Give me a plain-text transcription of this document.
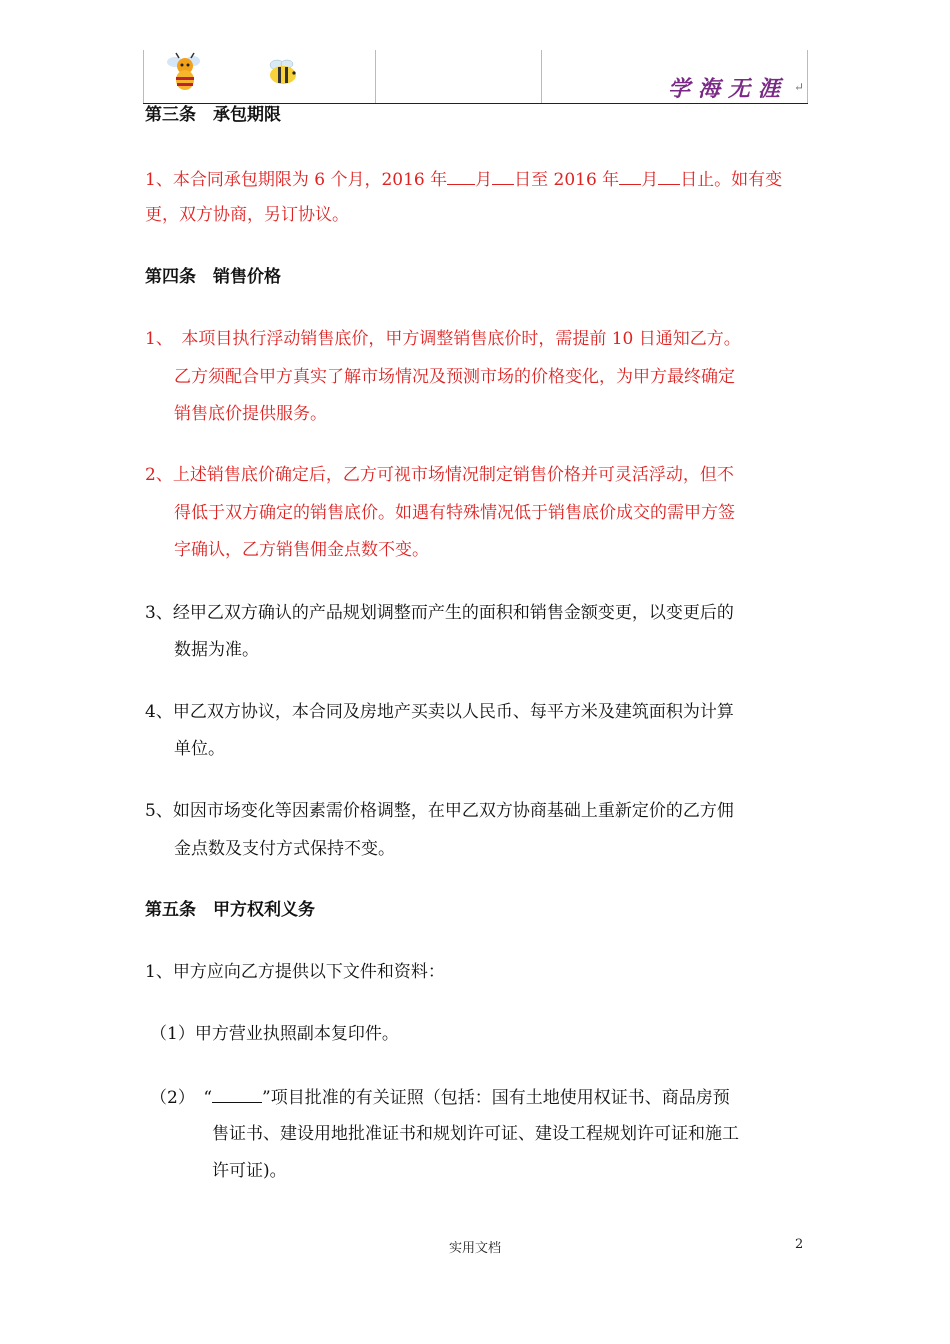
学海无涯 ↵
第三条　承包期限
1、本合同承包期限为 6 个月，2016 年 月 日至 2016 年 月 日止。如有变
更，双方协商，另订协议。
第四条　销售价格
1、　本项目执行浮动销售底价，甲方调整销售底价时，需提前 10 日通知乙方。
乙方须配合甲方真实了解市场情况及预测市场的价格变化，为甲方最终确定
销售底价提供服务。
2、上述销售底价确定后，乙方可视市场情况制定销售价格并可灵活浮动，但不
得低于双方确定的销售底价。如遇有特殊情况低于销售底价成交的需甲方签
字确认，乙方销售佣金点数不变。
3、经甲乙双方确认的产品规划调整而产生的面积和销售金额变更，以变更后的
数据为准。
4、甲乙双方协议，本合同及房地产买卖以人民币、每平方米及建筑面积为计算
单位。
5、如因市场变化等因素需价格调整，在甲乙双方协商基础上重新定价的乙方佣
金点数及支付方式保持不变。
第五条　甲方权利义务
1、甲方应向乙方提供以下文件和资料：
（1）甲方营业执照副本复印件。
（2）　“	”项目批准的有关证照（包括：国有土地使用权证书、商品房预
售证书、建设用地批准证书和规划许可证、建设工程规划许可证和施工
许可证)。
实用文档	2
